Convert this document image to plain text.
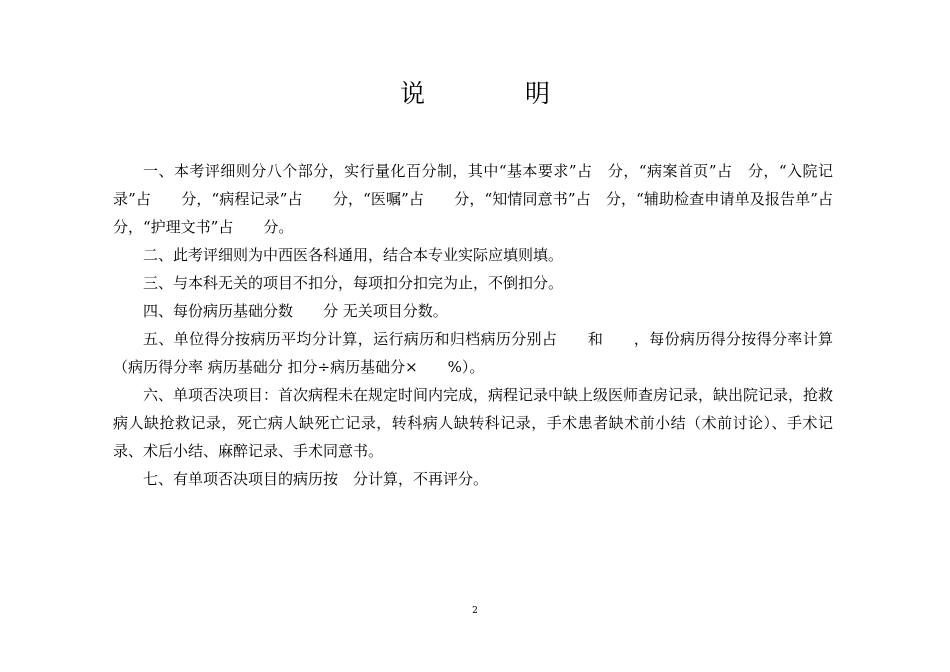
说	明

一、本考评细则分八个部分，实行量化百分制，其中“基本要求”占　分，“病案首页”占　分，“入院记录”占　　分，“病程记录”占　　分，“医嘱”占　　分，“知情同意书”占　分，“辅助检查申请单及报告单”占　分，“护理文书”占　　分。

二、此考评细则为中西医各科通用，结合本专业实际应填则填。

三、与本科无关的项目不扣分，每项扣分扣完为止，不倒扣分。

四、每份病历基础分数　　分 无关项目分数。

五、单位得分按病历平均分计算，运行病历和归档病历分别占　　和　　，每份病历得分按得分率计算（病历得分率 病历基础分 扣分÷病历基础分×　　%）。

六、单项否决项目：首次病程未在规定时间内完成，病程记录中缺上级医师查房记录，缺出院记录，抢救病人缺抢救记录，死亡病人缺死亡记录，转科病人缺转科记录，手术患者缺术前小结（术前讨论）、手术记录、术后小结、麻醉记录、手术同意书。

七、有单项否决项目的病历按　分计算，不再评分。

2
